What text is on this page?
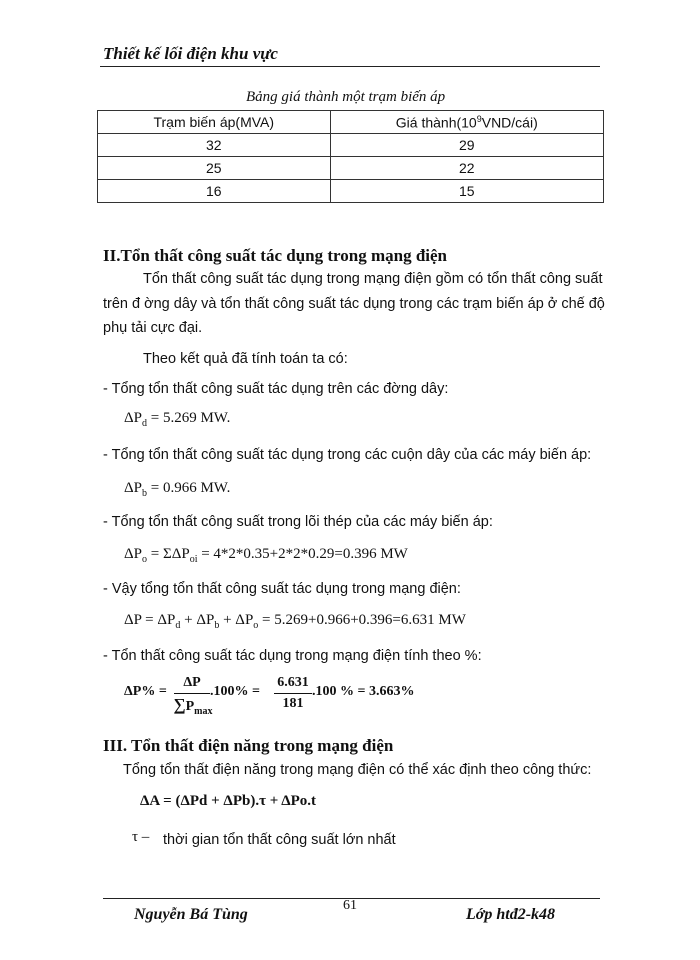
Thiết kế lối điện khu vực
Bảng giá thành một trạm biến áp
Trạm biến áp(MVA)	Giá $thành(10^9VND/cái)$
32	29
25	22
16	15
II.Tổn thất công suất tác dụng trong mạng điện
Tổn thất công suất tác dụng trong mạng điện gồm có tổn thất công suất
trên đ ờng dây và tổn thất công suất tác dụng trong các trạm biến áp ở chế độ
phụ tải cực đại.
Theo kết quả đã tính toán ta có:
- Tổng tổn thất công suất tác dụng trên các đờng dây:
$\Delta P_d = 5.269$ MW.
- Tổng tổn thất công suất tác dụng trong các cuộn dây của các máy biến áp:
$\Delta P_b = 0.966$ MW.
- Tổng tổn thất công suất trong lõi thép của các máy biến áp:
$\Delta P_o = \Sigma\Delta P_{oi} = 4*2*0.35+2*2*0.29=0.396$ MW
- Vậy tổng tổn thất công suất tác dụng trong mạng điện:
$\Delta P = \Delta P_d + \Delta P_b + \Delta P_o = 5.269+0.966+0.396=6.631$ MW
- Tổn thất công suất tác dụng trong mạng điện tính theo %:
ΔP% =
ΔP
$\sum P_{max}$
.100% =
6.631
181
.100 % = 3.663%
III. Tổn thất điện năng trong mạng điện
Tổng tổn thất điện năng trong mạng điện có thể xác định theo công thức:
ΔA = (ΔPd + ΔPb).τ + ΔPo.t
τ – thời gian tổn thất công suất lớn nhất
Nguyễn Bá Tùng
61
Lớp htđ2-k48
